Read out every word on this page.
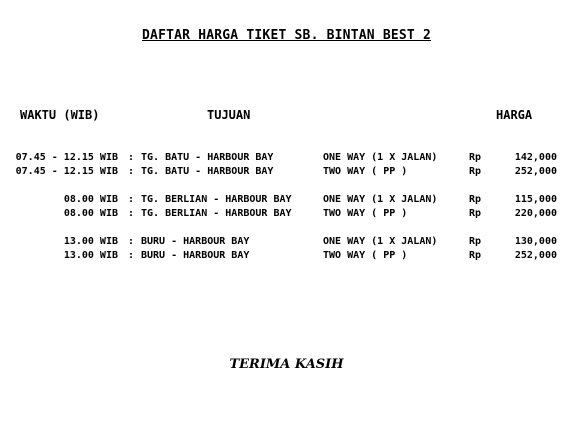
DAFTAR HARGA TIKET SB. BINTAN BEST 2
WAKTU (WIB)	TUJUAN	HARGA
07.45 - 12.15 WIB : TG. BATU - HARBOUR BAY	ONE WAY (1 X JALAN)	Rp	142,000
07.45 - 12.15 WIB : TG. BATU - HARBOUR BAY	TWO WAY ( PP )	Rp	252,000
08.00 WIB : TG. BERLIAN - HARBOUR BAY	ONE WAY (1 X JALAN)	Rp	115,000
08.00 WIB : TG. BERLIAN - HARBOUR BAY	TWO WAY ( PP )	Rp	220,000
13.00 WIB : BURU - HARBOUR BAY	ONE WAY (1 X JALAN)	Rp	130,000
13.00 WIB : BURU - HARBOUR BAY	TWO WAY ( PP )	Rp	252,000
TERIMA KASIH
